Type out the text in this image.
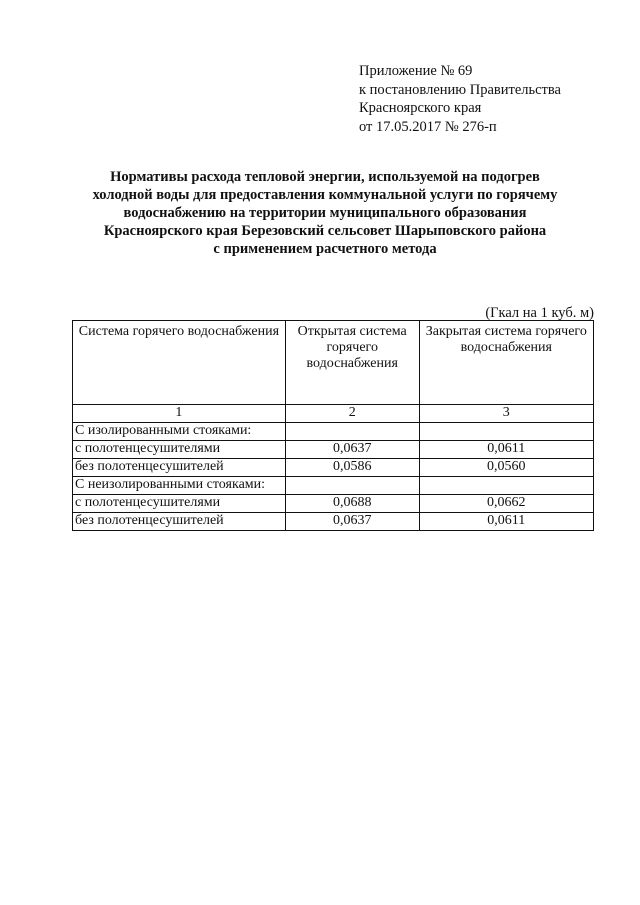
Приложение № 69
к постановлению Правительства
Красноярского края
от 17.05.2017 № 276-п
Нормативы расхода тепловой энергии, используемой на подогрев
холодной воды для предоставления коммунальной услуги по горячему
водоснабжению на территории муниципального образования
Красноярского края Березовский сельсовет Шарыповского района
с применением расчетного метода
(Гкал на 1 куб. м)
Система горячего водоснабжения	Открытая система горячего водоснабжения	Закрытая система горячего водоснабжения
1	2	3
С изолированными стояками:		
с полотенцесушителями	0,0637	0,0611
без полотенцесушителей	0,0586	0,0560
С неизолированными стояками:		
с полотенцесушителями	0,0688	0,0662
без полотенцесушителей	0,0637	0,0611
